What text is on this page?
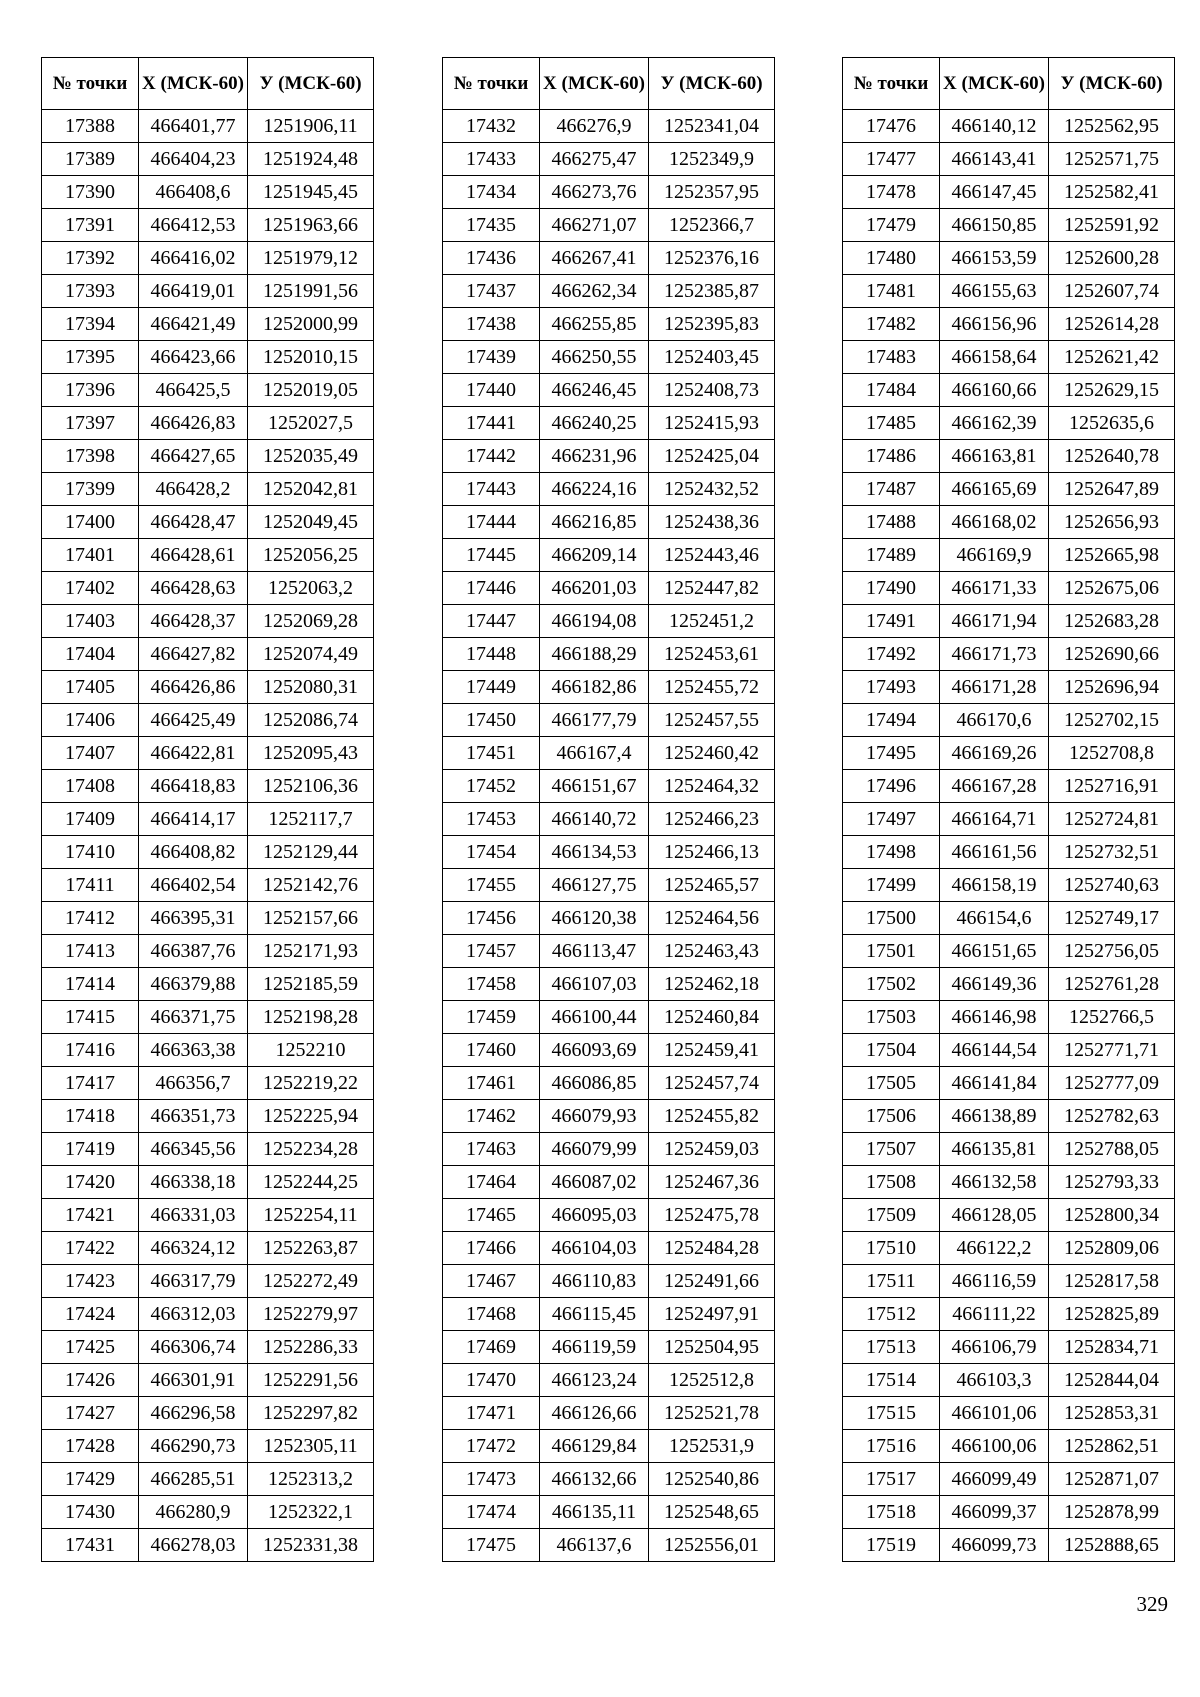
№ точки	X (МСК-60)	У (МСК-60)
17388	466401,77	1251906,11
17389	466404,23	1251924,48
17390	466408,6	1251945,45
17391	466412,53	1251963,66
17392	466416,02	1251979,12
17393	466419,01	1251991,56
17394	466421,49	1252000,99
17395	466423,66	1252010,15
17396	466425,5	1252019,05
17397	466426,83	1252027,5
17398	466427,65	1252035,49
17399	466428,2	1252042,81
17400	466428,47	1252049,45
17401	466428,61	1252056,25
17402	466428,63	1252063,2
17403	466428,37	1252069,28
17404	466427,82	1252074,49
17405	466426,86	1252080,31
17406	466425,49	1252086,74
17407	466422,81	1252095,43
17408	466418,83	1252106,36
17409	466414,17	1252117,7
17410	466408,82	1252129,44
17411	466402,54	1252142,76
17412	466395,31	1252157,66
17413	466387,76	1252171,93
17414	466379,88	1252185,59
17415	466371,75	1252198,28
17416	466363,38	1252210
17417	466356,7	1252219,22
17418	466351,73	1252225,94
17419	466345,56	1252234,28
17420	466338,18	1252244,25
17421	466331,03	1252254,11
17422	466324,12	1252263,87
17423	466317,79	1252272,49
17424	466312,03	1252279,97
17425	466306,74	1252286,33
17426	466301,91	1252291,56
17427	466296,58	1252297,82
17428	466290,73	1252305,11
17429	466285,51	1252313,2
17430	466280,9	1252322,1
17431	466278,03	1252331,38
№ точки	X (МСК-60)	У (МСК-60)
17432	466276,9	1252341,04
17433	466275,47	1252349,9
17434	466273,76	1252357,95
17435	466271,07	1252366,7
17436	466267,41	1252376,16
17437	466262,34	1252385,87
17438	466255,85	1252395,83
17439	466250,55	1252403,45
17440	466246,45	1252408,73
17441	466240,25	1252415,93
17442	466231,96	1252425,04
17443	466224,16	1252432,52
17444	466216,85	1252438,36
17445	466209,14	1252443,46
17446	466201,03	1252447,82
17447	466194,08	1252451,2
17448	466188,29	1252453,61
17449	466182,86	1252455,72
17450	466177,79	1252457,55
17451	466167,4	1252460,42
17452	466151,67	1252464,32
17453	466140,72	1252466,23
17454	466134,53	1252466,13
17455	466127,75	1252465,57
17456	466120,38	1252464,56
17457	466113,47	1252463,43
17458	466107,03	1252462,18
17459	466100,44	1252460,84
17460	466093,69	1252459,41
17461	466086,85	1252457,74
17462	466079,93	1252455,82
17463	466079,99	1252459,03
17464	466087,02	1252467,36
17465	466095,03	1252475,78
17466	466104,03	1252484,28
17467	466110,83	1252491,66
17468	466115,45	1252497,91
17469	466119,59	1252504,95
17470	466123,24	1252512,8
17471	466126,66	1252521,78
17472	466129,84	1252531,9
17473	466132,66	1252540,86
17474	466135,11	1252548,65
17475	466137,6	1252556,01
№ точки	X (МСК-60)	У (МСК-60)
17476	466140,12	1252562,95
17477	466143,41	1252571,75
17478	466147,45	1252582,41
17479	466150,85	1252591,92
17480	466153,59	1252600,28
17481	466155,63	1252607,74
17482	466156,96	1252614,28
17483	466158,64	1252621,42
17484	466160,66	1252629,15
17485	466162,39	1252635,6
17486	466163,81	1252640,78
17487	466165,69	1252647,89
17488	466168,02	1252656,93
17489	466169,9	1252665,98
17490	466171,33	1252675,06
17491	466171,94	1252683,28
17492	466171,73	1252690,66
17493	466171,28	1252696,94
17494	466170,6	1252702,15
17495	466169,26	1252708,8
17496	466167,28	1252716,91
17497	466164,71	1252724,81
17498	466161,56	1252732,51
17499	466158,19	1252740,63
17500	466154,6	1252749,17
17501	466151,65	1252756,05
17502	466149,36	1252761,28
17503	466146,98	1252766,5
17504	466144,54	1252771,71
17505	466141,84	1252777,09
17506	466138,89	1252782,63
17507	466135,81	1252788,05
17508	466132,58	1252793,33
17509	466128,05	1252800,34
17510	466122,2	1252809,06
17511	466116,59	1252817,58
17512	466111,22	1252825,89
17513	466106,79	1252834,71
17514	466103,3	1252844,04
17515	466101,06	1252853,31
17516	466100,06	1252862,51
17517	466099,49	1252871,07
17518	466099,37	1252878,99
17519	466099,73	1252888,65
329
